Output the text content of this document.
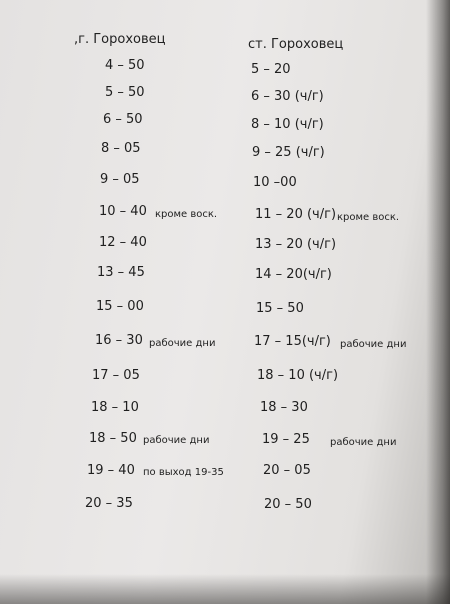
,г. Гороховец	ст. Гороховец
4 – 50
5 – 50
6 – 50
8 – 05
9 – 05
10 – 40 кроме воск.
12 – 40
13 – 45
15 – 00
16 – 30 рабочие дни
17 – 05
18 – 10
18 – 50 рабочие дни
19 – 40 по выход 19-35
20 – 35
5 – 20
6 – 30 (ч/г)
8 – 10 (ч/г)
9 – 25 (ч/г)
10 –00
11 – 20 (ч/г) кроме воск.
13 – 20 (ч/г)
14 – 20(ч/г)
15 – 50
17 – 15(ч/г) рабочие дни
18 – 10 (ч/г)
18 – 30
19 – 25 рабочие дни
20 – 05
20 – 50
